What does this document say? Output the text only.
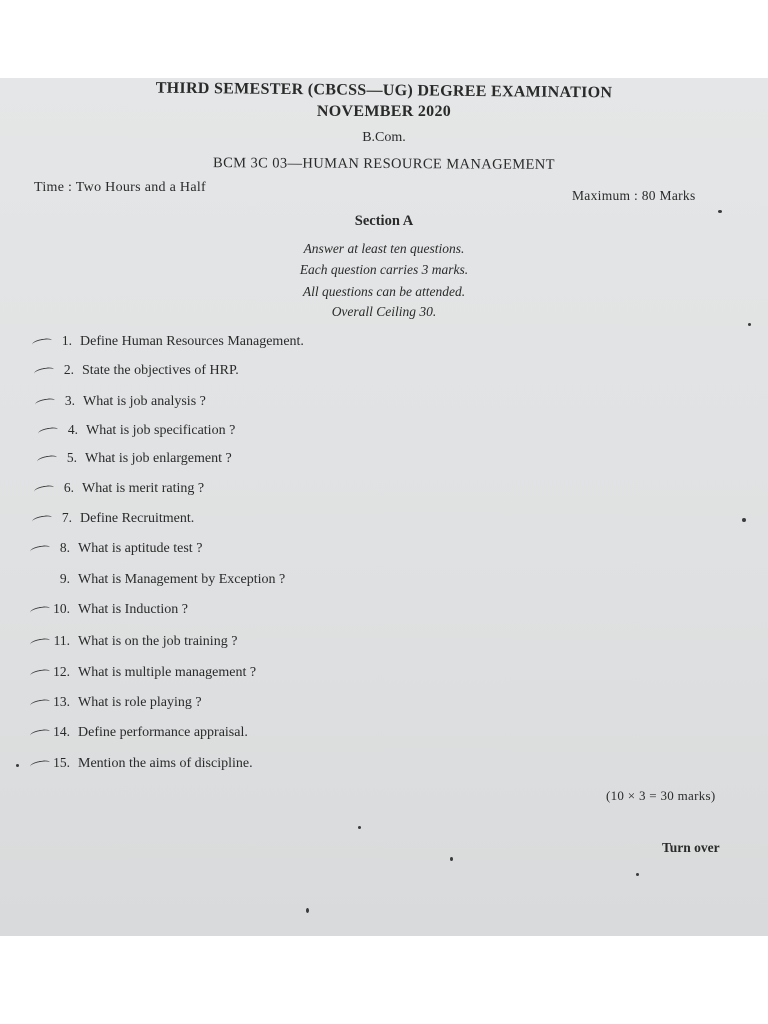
THIRD SEMESTER (CBCSS—UG) DEGREE EXAMINATION
NOVEMBER 2020
B.Com.
BCM 3C 03—HUMAN RESOURCE MANAGEMENT
Time : Two Hours and a Half
Maximum : 80 Marks
Section A
Answer at least ten questions.
Each question carries 3 marks.
All questions can be attended.
Overall Ceiling 30.
1. Define Human Resources Management.
2. State the objectives of HRP.
3. What is job analysis ?
4. What is job specification ?
5. What is job enlargement ?
6. What is merit rating ?
7. Define Recruitment.
8. What is aptitude test ?
9. What is Management by Exception ?
10. What is Induction ?
11. What is on the job training ?
12. What is multiple management ?
13. What is role playing ?
14. Define performance appraisal.
15. Mention the aims of discipline.
(10 × 3 = 30 marks)
Turn over
